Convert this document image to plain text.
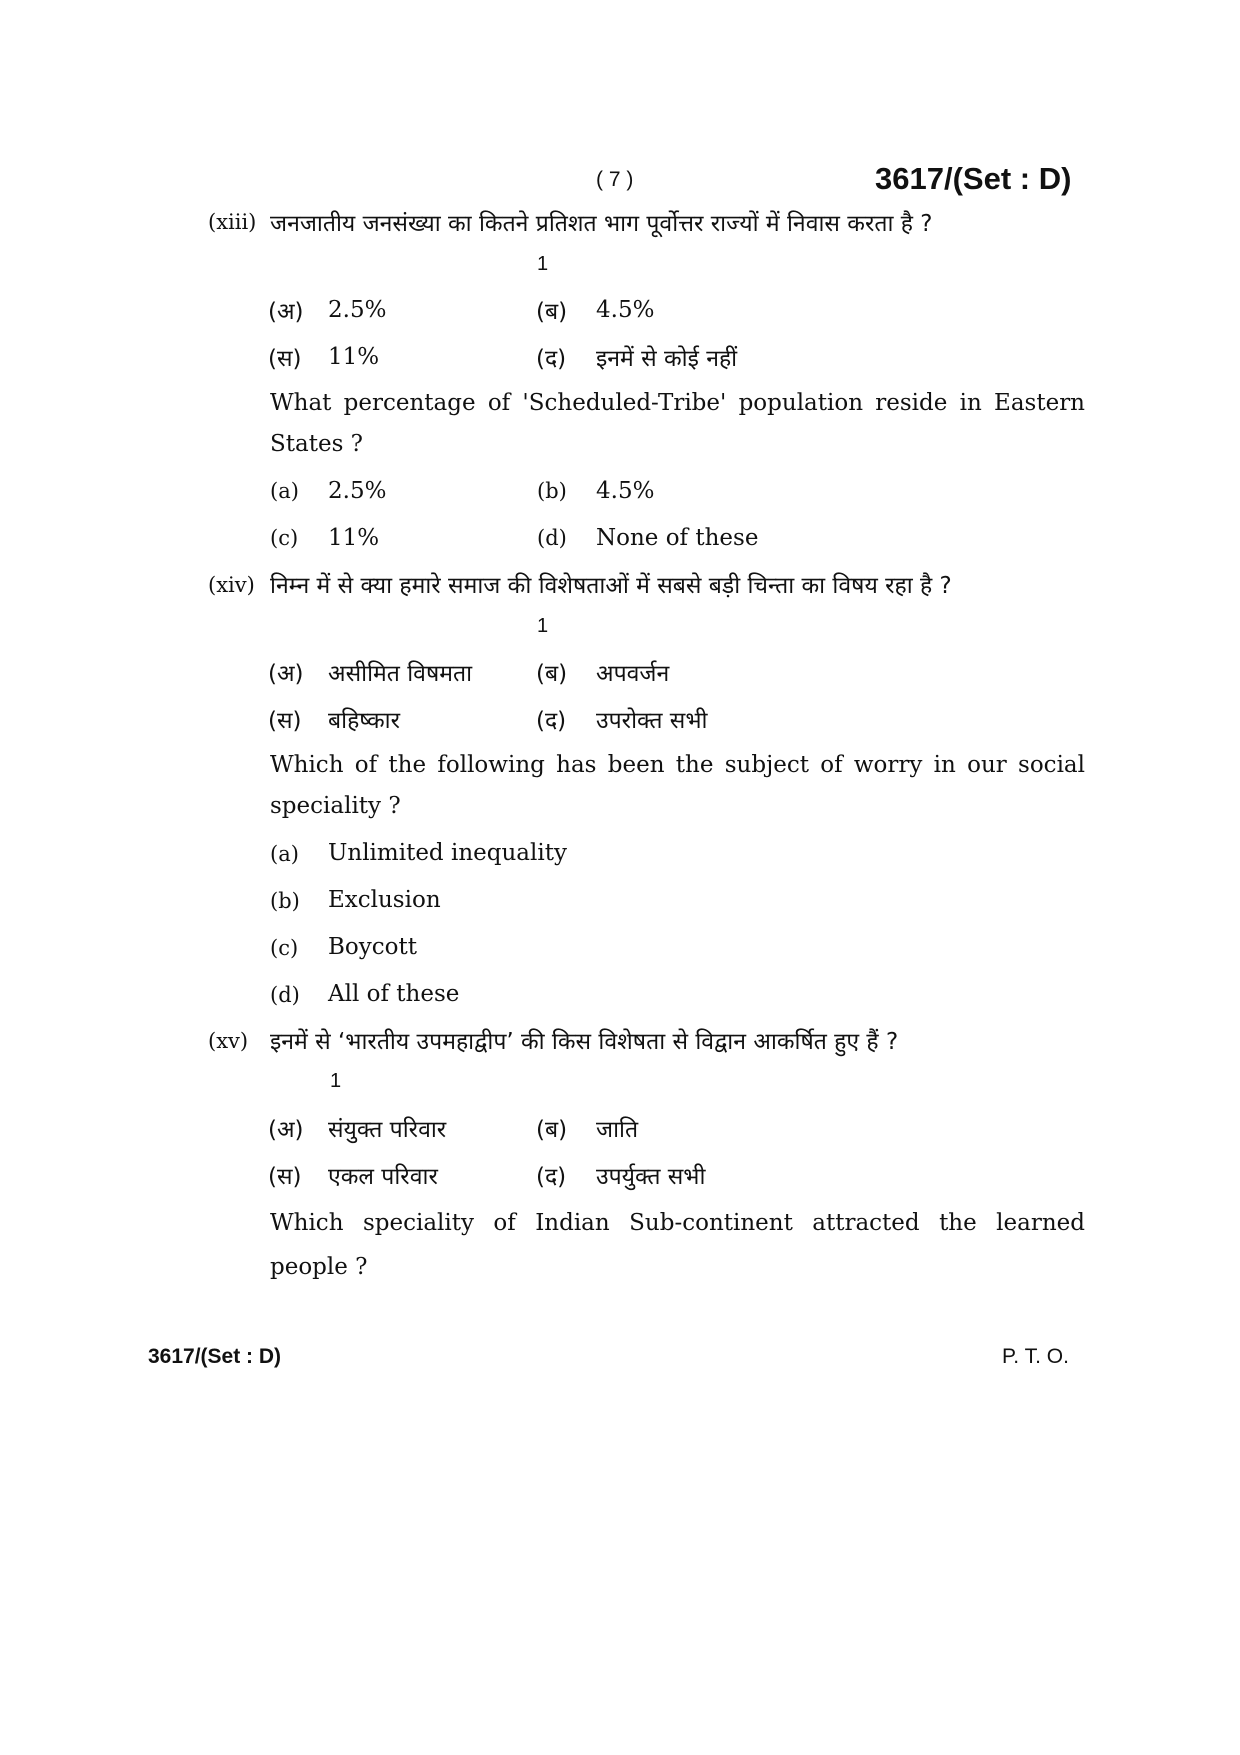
( 7 )	3617/(Set : D)
(xiii) जनजातीय जनसंख्या का कितने प्रतिशत भाग पूर्वोत्तर राज्यों में निवास करता है ?
1
(अ) 2.5%	(ब) 4.5%
(स) 11%	(द) इनमें से कोई नहीं
What percentage of 'Scheduled-Tribe' population reside in Eastern
States ?
(a) 2.5%	(b) 4.5%
(c) 11%	(d) None of these
(xiv) निम्न में से क्या हमारे समाज की विशेषताओं में सबसे बड़ी चिन्ता का विषय रहा है ?
1
(अ) असीमित विषमता	(ब) अपवर्जन
(स) बहिष्कार	(द) उपरोक्त सभी
Which of the following has been the subject of worry in our social
speciality ?
(a) Unlimited inequality
(b) Exclusion
(c) Boycott
(d) All of these
(xv) इनमें से ‘भारतीय उपमहाद्वीप’ की किस विशेषता से विद्वान आकर्षित हुए हैं ?
1
(अ) संयुक्त परिवार	(ब) जाति
(स) एकल परिवार	(द) उपर्युक्त सभी
Which speciality of Indian Sub-continent attracted the learned
people ?
3617/(Set : D)	P. T. O.
